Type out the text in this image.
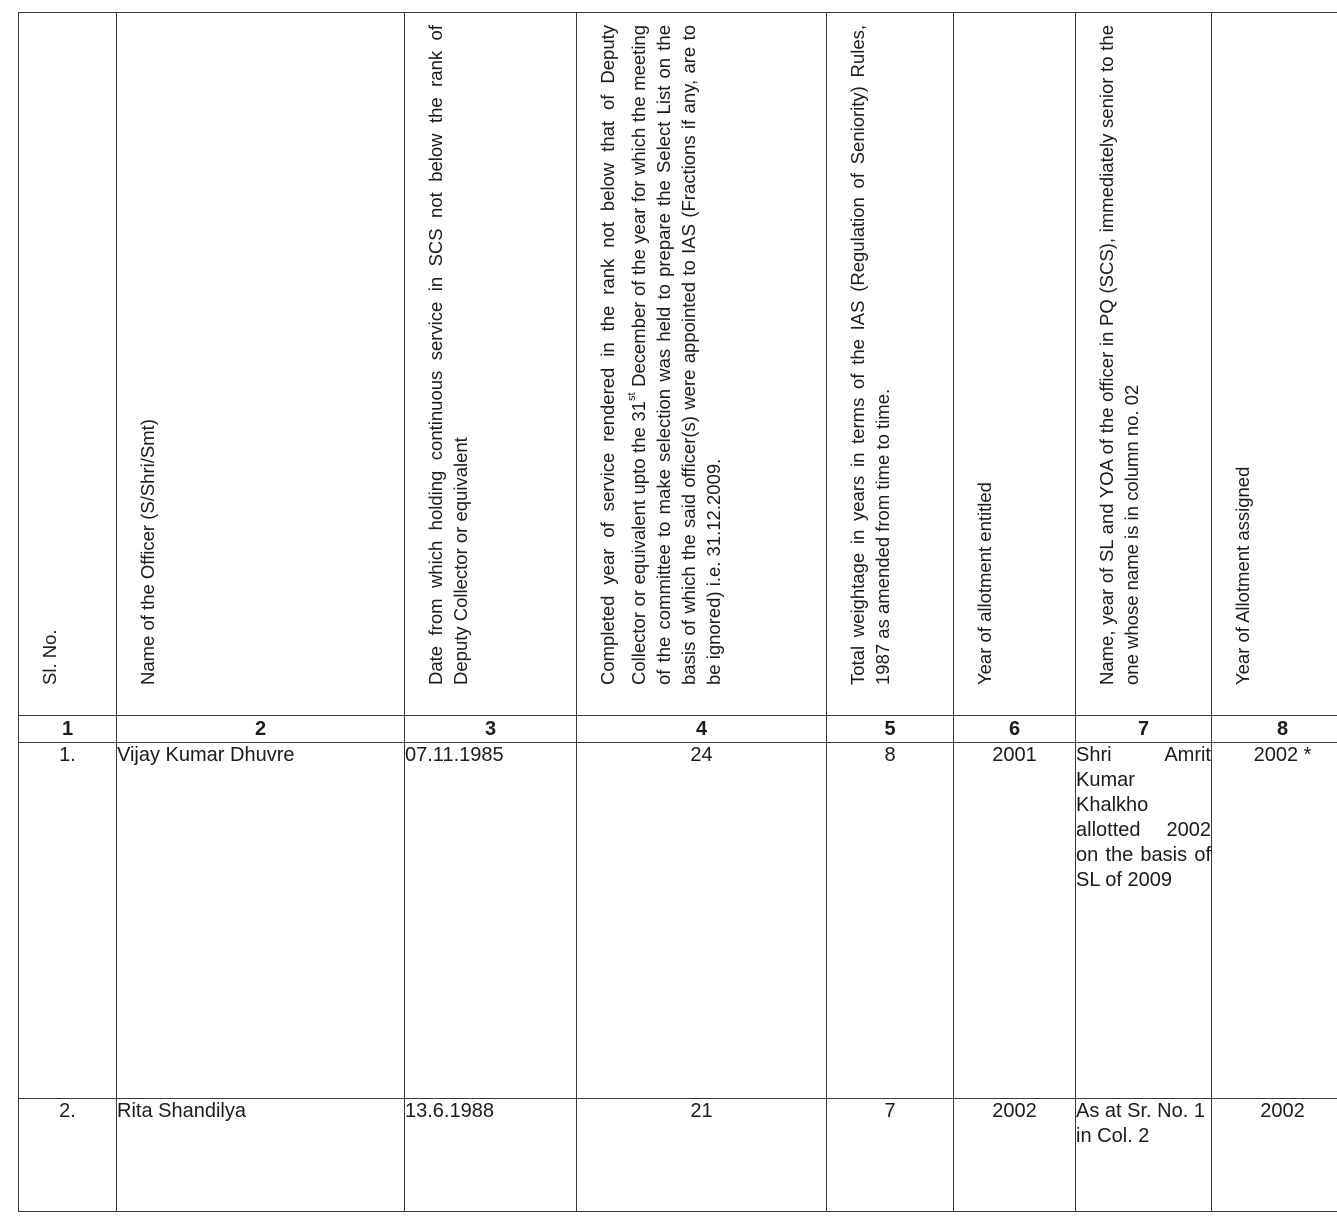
Sl. No.	Name of the Officer (S/Shri/Smt)	Date from which holding continuous service in SCS not below the rank of Deputy Collector or equivalent	Completed year of service rendered in the rank not below that of Deputy Collector or equivalent upto the 31st December of the year for which the meeting of the committee to make selection was held to prepare the Select List on the basis of which the said officer(s) were appointed to IAS (Fractions if any, are to be ignored) i.e. 31.12.2009.	Total weightage in years in terms of the IAS (Regulation of Seniority) Rules, 1987 as amended from time to time.	Year of allotment entitled	Name, year of SL and YOA of the officer in PQ (SCS), immediately senior to the one whose name is in column no. 02	Year of Allotment assigned

1	2	3	4	5	6	7	8
1.	Vijay Kumar Dhuvre	07.11.1985	24	8	2001	Shri Amrit Kumar Khalkho allotted 2002 on the basis of SL of 2009	2002 *
2.	Rita Shandilya	13.6.1988	21	7	2002	As at Sr. No. 1 in Col. 2	2002
